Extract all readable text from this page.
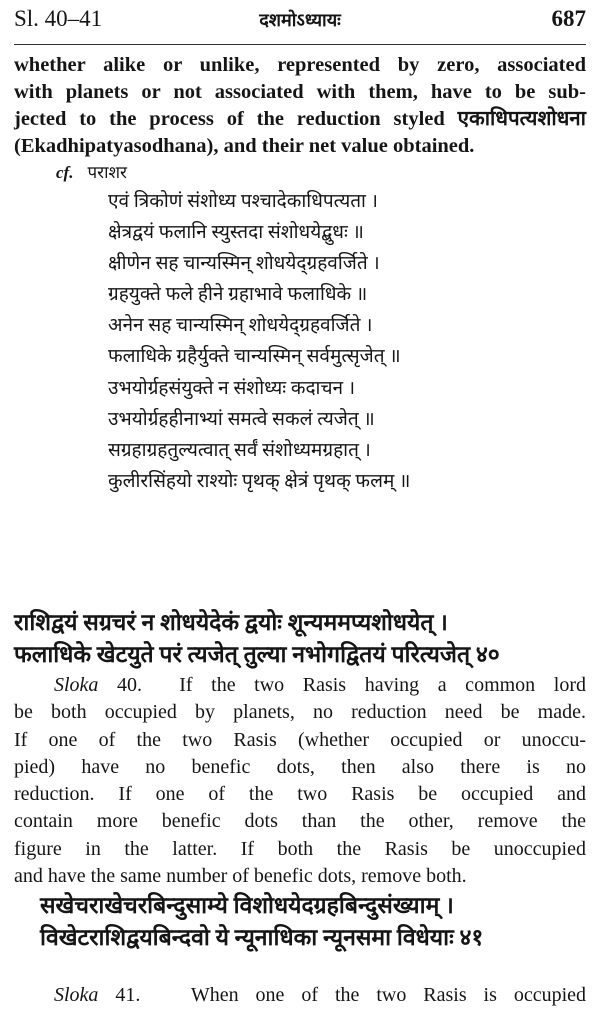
Sl. 40–41	दशमोऽध्यायः	687
whether alike or unlike, represented by zero, associated
with planets or not associated with them, have to be sub-
jected to the process of the reduction styled एकाधिपत्यशोधना
(Ekadhipatyasodhana), and their net value obtained.
cf. पराशर
एवं त्रिकोणं संशोध्य पश्चादेकाधिपत्यता ।
क्षेत्रद्वयं फलानि स्युस्तदा संशोधयेद्बुधः ॥
क्षीणेन सह चान्यस्मिन् शोधयेद्ग्रहवर्जिते ।
ग्रहयुक्ते फले हीने ग्रहाभावे फलाधिके ॥
अनेन सह चान्यस्मिन् शोधयेद्ग्रहवर्जिते ।
फलाधिके ग्रहैर्युक्ते चान्यस्मिन् सर्वमुत्सृजेत् ॥
उभयोर्ग्रहसंयुक्ते न संशोध्यः कदाचन ।
उभयोर्ग्रहहीनाभ्यां समत्वे सकलं त्यजेत् ॥
सग्रहाग्रहतुल्यत्वात् सर्वं संशोध्यमग्रहात् ।
कुलीरसिंहयो राश्योः पृथक् क्षेत्रं पृथक् फलम् ॥
राशिद्वयं सग्रचरं न शोधयेदेकं द्वयोः शून्यममप्यशोधयेत् ।
फलाधिके खेटयुते परं त्यजेत् तुल्या नभोगद्वितयं परित्यजेत् ४०
Sloka 40. If the two Rasis having a common lord
be both occupied by planets, no reduction need be made.
If one of the two Rasis (whether occupied or unoccu-
pied) have no benefic dots, then also there is no
reduction. If one of the two Rasis be occupied and
contain more benefic dots than the other, remove the
figure in the latter. If both the Rasis be unoccupied
and have the same number of benefic dots, remove both.
सखेचराखेचरबिन्दुसाम्ये विशोधयेदग्रहबिन्दुसंख्याम् ।
विखेटराशिद्वयबिन्दवो ये न्यूनाधिका न्यूनसमा विधेयाः ४१
Sloka 41.	When one of the two Rasis is occupied
